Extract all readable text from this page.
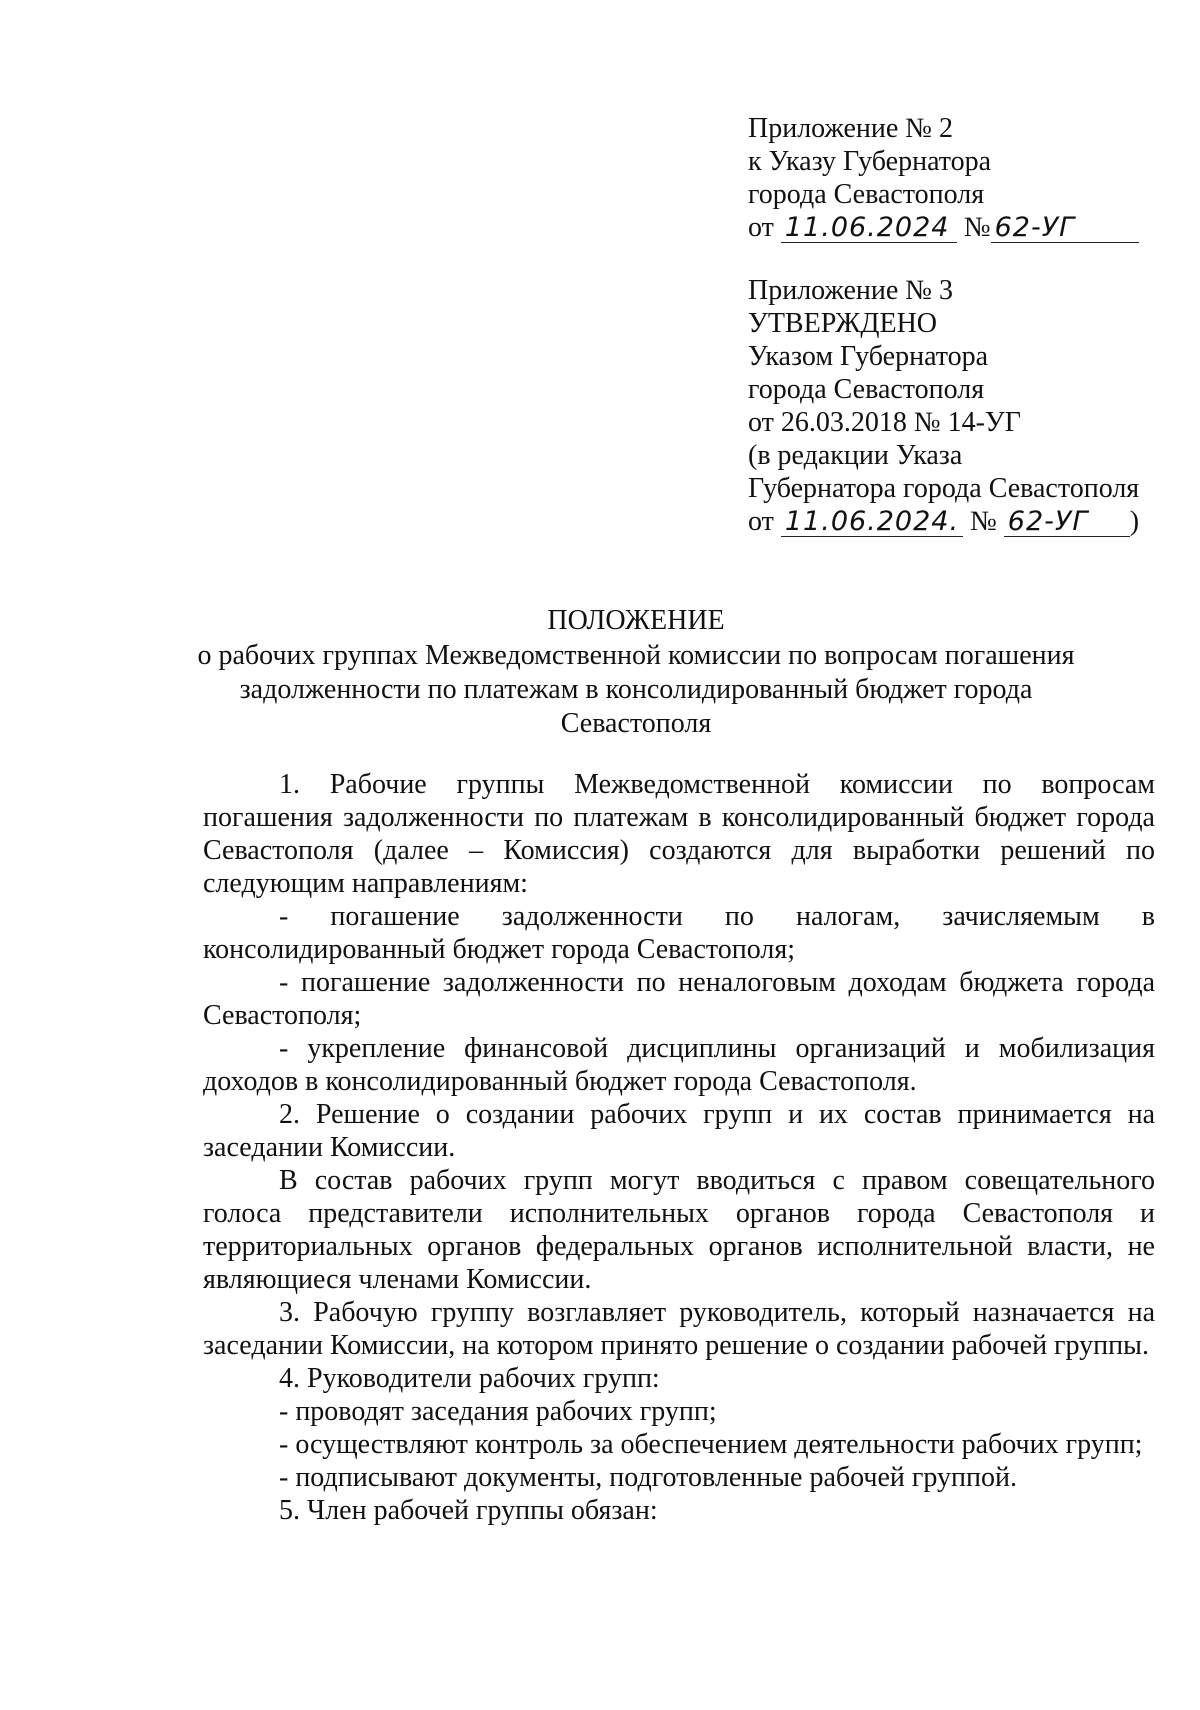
Приложение № 2
к Указу Губернатора
города Севастополя
от 11.06.2024 № 62-УГ
Приложение № 3
УТВЕРЖДЕНО
Указом Губернатора
города Севастополя
от 26.03.2018 № 14-УГ
(в редакции Указа
Губернатора города Севастополя
от 11.06.2024. № 62-УГ )
ПОЛОЖЕНИЕ
о рабочих группах Межведомственной комиссии по вопросам погашения задолженности по платежам в консолидированный бюджет города Севастополя

1. Рабочие группы Межведомственной комиссии по вопросам погашения задолженности по платежам в консолидированный бюджет города Севастополя (далее – Комиссия) создаются для выработки решений по следующим направлениям:

- погашение задолженности по налогам, зачисляемым в консолидированный бюджет города Севастополя;

- погашение задолженности по неналоговым доходам бюджета города Севастополя;

- укрепление финансовой дисциплины организаций и мобилизация доходов в консолидированный бюджет города Севастополя.

2. Решение о создании рабочих групп и их состав принимается на заседании Комиссии.

В состав рабочих групп могут вводиться с правом совещательного голоса представители исполнительных органов города Севастополя и территориальных органов федеральных органов исполнительной власти, не являющиеся членами Комиссии.

3. Рабочую группу возглавляет руководитель, который назначается на заседании Комиссии, на котором принято решение о создании рабочей группы.

4. Руководители рабочих групп:

- проводят заседания рабочих групп;

- осуществляют контроль за обеспечением деятельности рабочих групп;

- подписывают документы, подготовленные рабочей группой.

5. Член рабочей группы обязан:
